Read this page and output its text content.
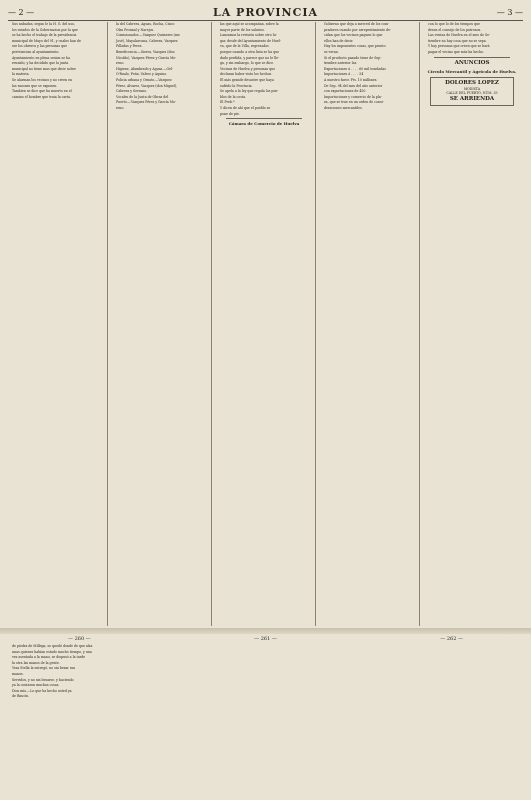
— 2 —	LA PROVINCIA	— 3 —

Sus nubadas, segun le la H. G. del uso,

los estados de la Gobernacion por la que

se ha hecho el trabajo de la presidencia

municipal de Mayo del 91, y cuales han de

ser los obreros y las personas que

pertenecian al ayuntamiento.

Ayuntamiento en plena sesion se ha

reunido, y ha decidido que la junta

municipal no tiene mas que decir sobre

la materia.

Se alarman los vecinos y no creen en

las razones que se exponen.

Tambien se dice que ha muerto en el

camino el hombre que traia la carta.

la del Cabrera, Aguas, Rocha, Cinco

Olas Pesimal y Narejos.

Comisionados.—Vazquez Quimeres (me

José), Mayalarcuna, Cabrera, Vazquez

Pilladas y Perez.

Beneficencia.—Sierra, Vazquez (don

Nicolás), Vazquez Pérez y García Mo-

reno.

Higiene, Alumbrado y Aguas.—Gel-

O'Rualo, Peña, Valero y Aquino.

Policia urbana y Ornato.—Vazquez

Pérez, Alvarez, Vazquez (don Miguel),

Cabrera y Serrano.

Vocales de la Junta de Obras del

Puerto.—Vazquez Pérez y García Mo-

reno.

las que aquí se acompañan, sobre la

mayor parte de los salarios.

Lanzamos la revisión sobre otro lu-

gar, desde del Ayuntamiento de Huel-

va, que de la Villa, regresados

porque cuando a otra lista se ha que

dado perdida, y parece que no le lle-

ga, y sin embargo, lo que se dice.

Vecinos de Huelva y personas que

declaran haber visto los hechos.

El más grande desastre que haya

sufrido la Provincia.

Se apela a la ley que regula los pue-

blos de la costa.

El Preb.º

Y dicen de ahí que el pueblo se

pone de pie.

Cámara de Comercio de Huelva

Gobierno que deja a merced de los com-

pradores cuando por arrepentimiento de-

cidan que los vecinos paguen lo que

ellos han de decir.

Hay los imponentes cosas, que pronto

se veran.

Si el producto pasado tiene de Sep-

tiembre anterior las

Exportaciones á . . . . 60 mil toneladas

Importaciones á . . . . 54

A nuestro favor. Pts. 10 millones.

De Sep. 94 del mes del año anterior

con exportaciones de 450.

Importaciones y comercio de la pla-

za, que se trae en un orden de consi-

deraciones mercantiles.

con lo que lo de los tiempos que

desea el consejo de los patronos.

Las ventas de Huelva en el mes de Se-

tiembre no hay cosa que no se sepa.

Y hay personas que creen que se hará

pagar el vecino que más ha hecho.

ANUNCIOS
Círculo Mercantil y Agrícola de Huelva.
DOLORES LOPEZ
MODISTA
CALLE DEL PUERTO, NÚM. 35
SE ARRIENDA
— 260 —	— 261 —	— 262 —

de piedra de Millega, se quedó donde de que alza

unas quienes habían estado mucho tiempo, y una

vez asentada a la mano, se dispusó a la tarde

la otra las manos de la gente.

Yesa Stella la entregó, no sin besar sus

manos.

Servidos, y no sin besarse, y haciendo

ya la contaron muchas cosas.

Dios mío.—Lo que ha hecho usted ya

de Rincón.
